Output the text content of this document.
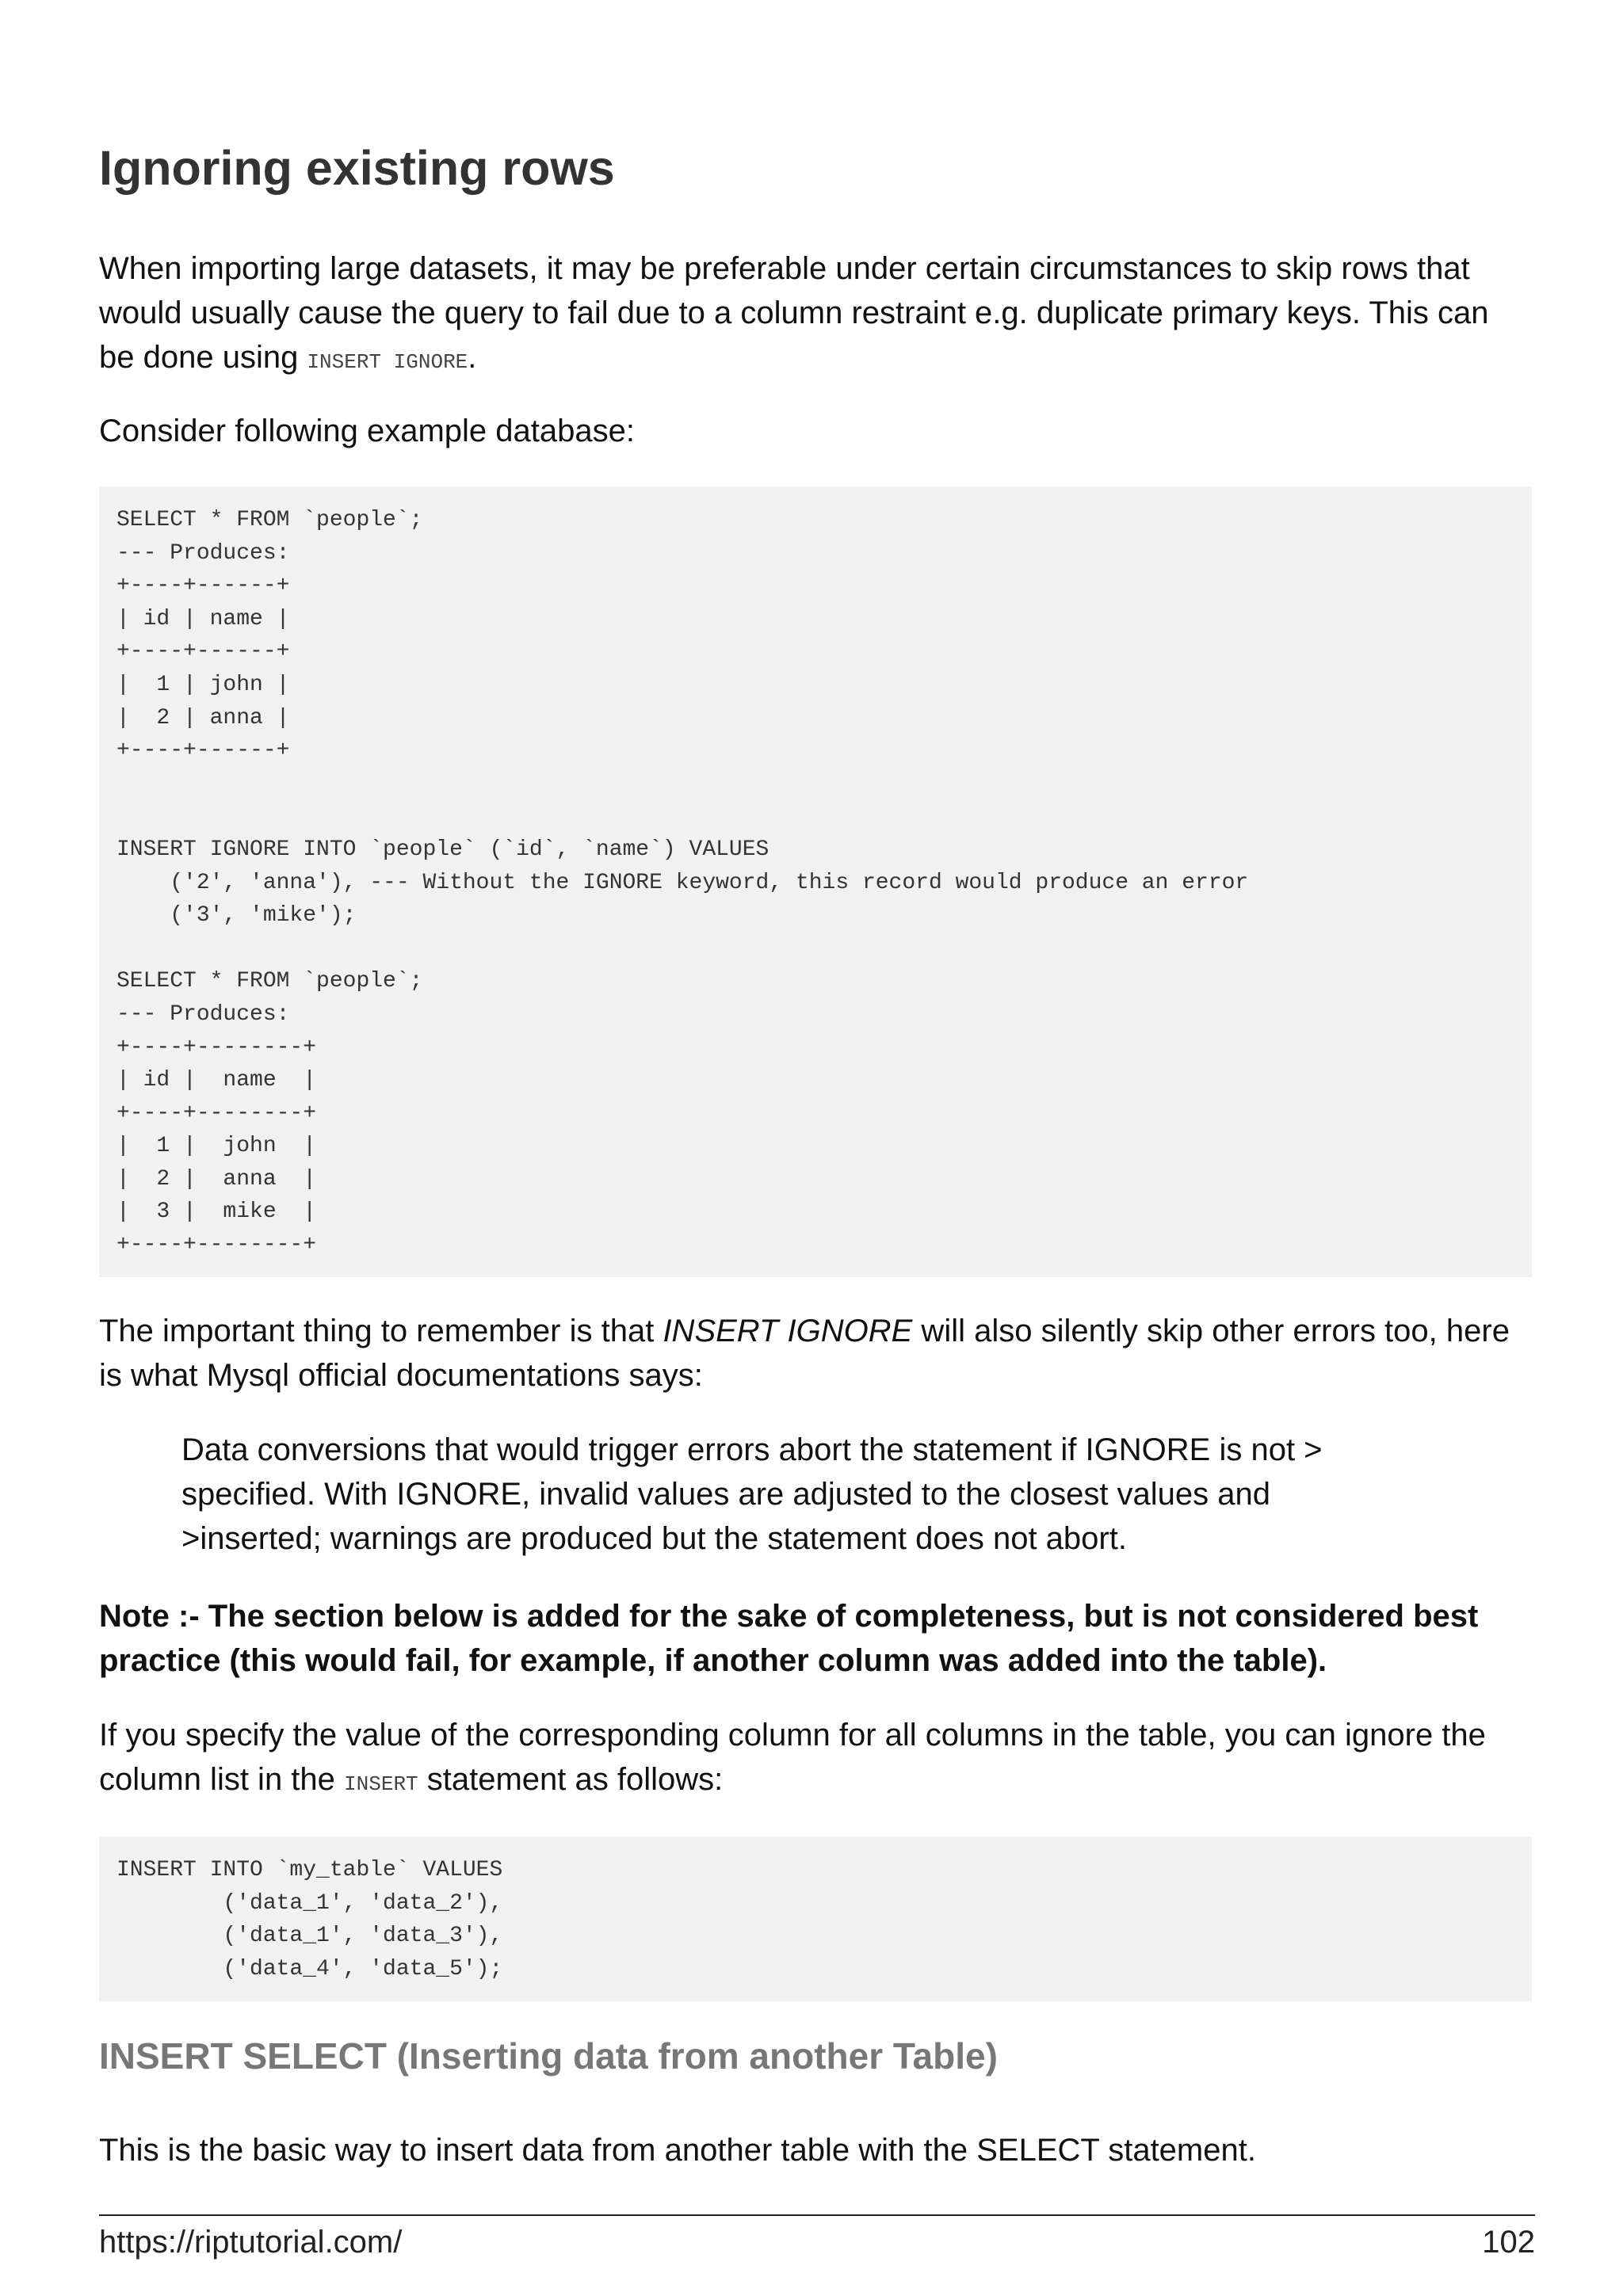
Ignoring existing rows

When importing large datasets, it may be preferable under certain circumstances to skip rows that would usually cause the query to fail due to a column restraint e.g. duplicate primary keys. This can be done using INSERT IGNORE.

Consider following example database:

SELECT * FROM `people`;
--- Produces:
+----+------+
| id | name |
+----+------+
|  1 | john |
|  2 | anna |
+----+------+

INSERT IGNORE INTO `people` (`id`, `name`) VALUES
('2', 'anna'), --- Without the IGNORE keyword, this record would produce an error
('3', 'mike');

SELECT * FROM `people`;
--- Produces:
+----+--------+
| id |  name  |
+----+--------+
|  1 |  john  |
|  2 |  anna  |
|  3 |  mike  |
+----+--------+

The important thing to remember is that INSERT IGNORE will also silently skip other errors too, here is what Mysql official documentations says:

Data conversions that would trigger errors abort the statement if IGNORE is not >
specified. With IGNORE, invalid values are adjusted to the closest values and
>inserted; warnings are produced but the statement does not abort.

Note :- The section below is added for the sake of completeness, but is not considered best practice (this would fail, for example, if another column was added into the table).

If you specify the value of the corresponding column for all columns in the table, you can ignore the column list in the INSERT statement as follows:

INSERT INTO `my_table` VALUES
('data_1', 'data_2'),
('data_1', 'data_3'),
('data_4', 'data_5');
INSERT SELECT (Inserting data from another Table)

This is the basic way to insert data from another table with the SELECT statement.

https://riptutorial.com/	102
